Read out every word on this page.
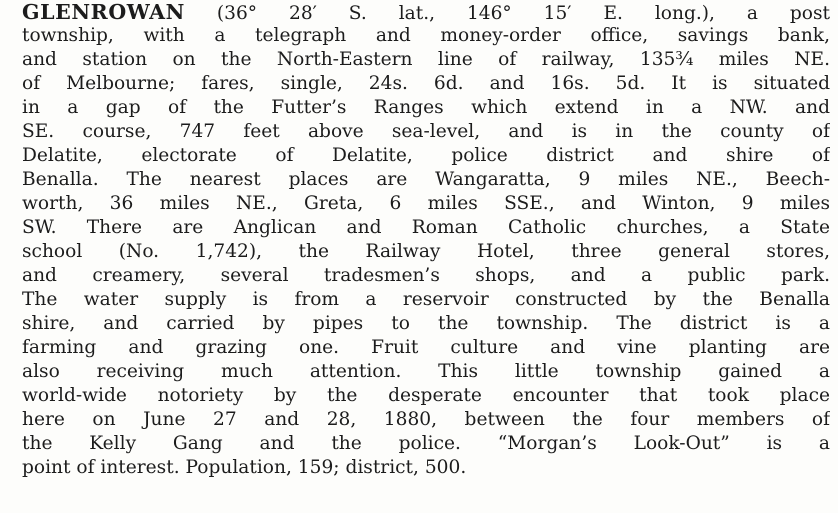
GLENROWAN (36° 28′ S. lat., 146° 15′ E. long.), a post
township, with a telegraph and money-order office, savings bank,
and station on the North-Eastern line of railway, 135¾ miles NE.
of Melbourne; fares, single, 24s. 6d. and 16s. 5d. It is situated
in a gap of the Futter’s Ranges which extend in a NW. and
SE. course, 747 feet above sea-level, and is in the county of
Delatite, electorate of Delatite, police district and shire of
Benalla. The nearest places are Wangaratta, 9 miles NE., Beech-
worth, 36 miles NE., Greta, 6 miles SSE., and Winton, 9 miles
SW. There are Anglican and Roman Catholic churches, a State
school (No. 1,742), the Railway Hotel, three general stores,
and creamery, several tradesmen’s shops, and a public park.
The water supply is from a reservoir constructed by the Benalla
shire, and carried by pipes to the township. The district is a
farming and grazing one. Fruit culture and vine planting are
also receiving much attention. This little township gained a
world-wide notoriety by the desperate encounter that took place
here on June 27 and 28, 1880, between the four members of
the Kelly Gang and the police. “Morgan’s Look-Out” is a
point of interest. Population, 159; district, 500.
